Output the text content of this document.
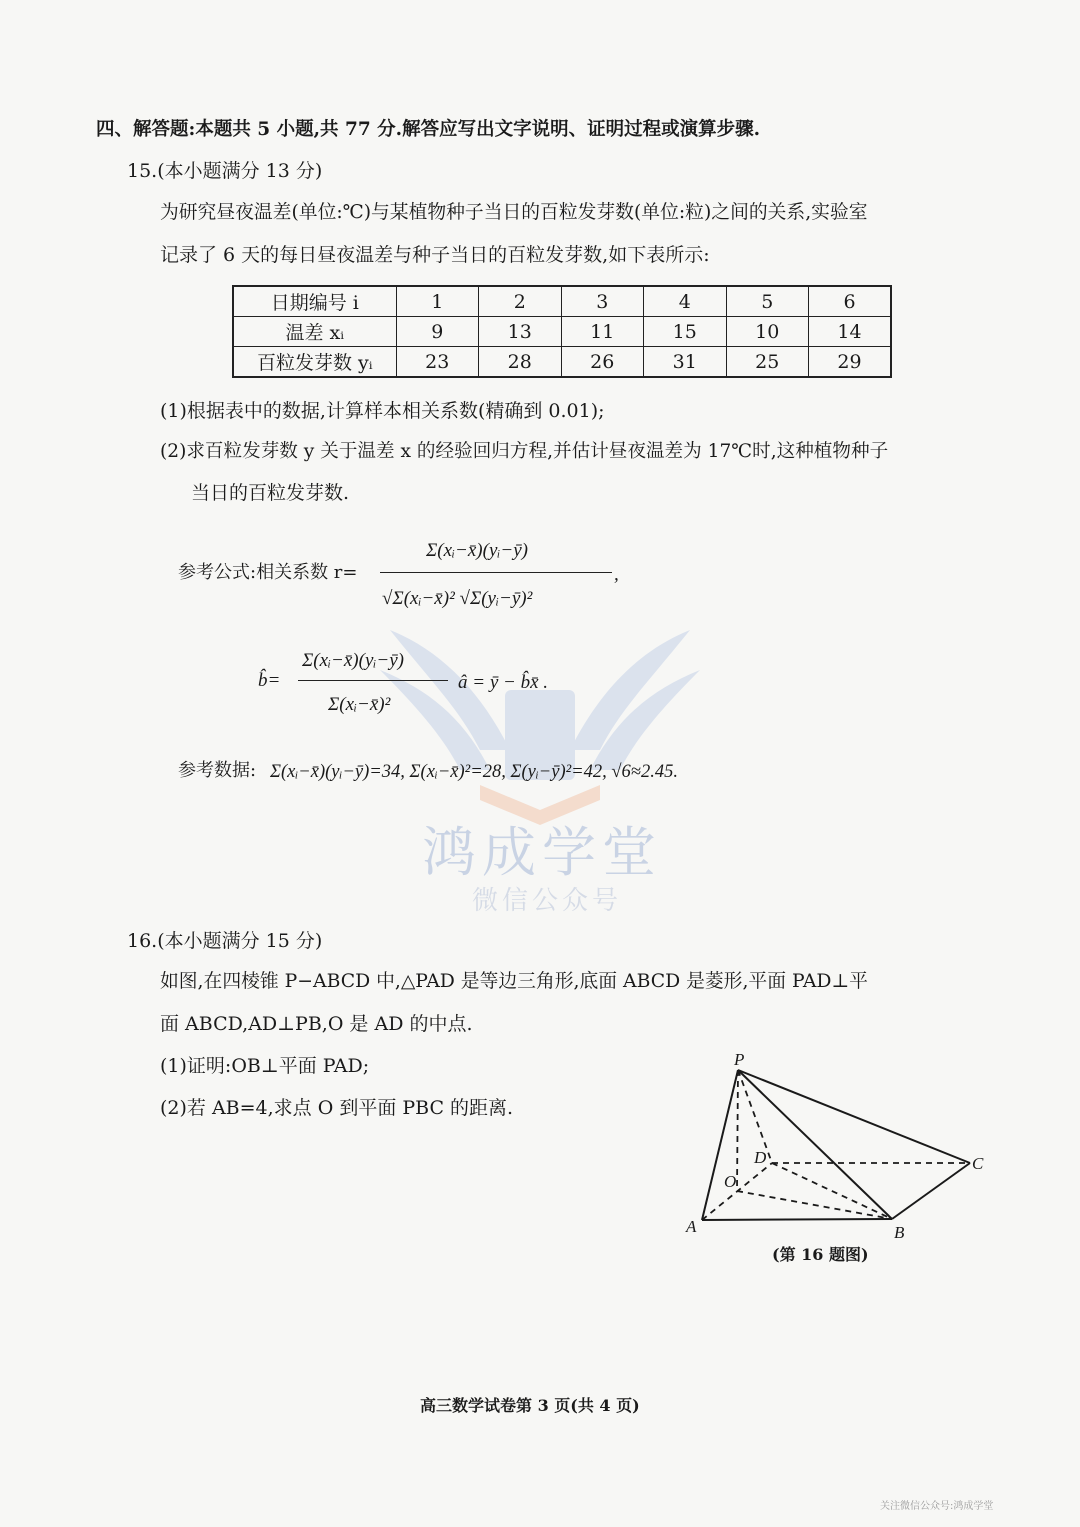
鸿成学堂
微信公众号
四、解答题:本题共 5 小题,共 77 分.解答应写出文字说明、证明过程或演算步骤.
15.(本小题满分 13 分)
为研究昼夜温差(单位:℃)与某植物种子当日的百粒发芽数(单位:粒)之间的关系,实验室
记录了 6 天的每日昼夜温差与种子当日的百粒发芽数,如下表所示:
日期编号 i	1	2	3	4	5	6
温差 xᵢ	9	13	11	15	10	14
百粒发芽数 yᵢ	23	28	26	31	25	29
(1)根据表中的数据,计算样本相关系数(精确到 0.01);
(2)求百粒发芽数 y 关于温差 x 的经验回归方程,并估计昼夜温差为 17℃时,这种植物种子
当日的百粒发芽数.
参考公式:相关系数 r=
Σ(xᵢ−x̄)(yᵢ−ȳ)
√Σ(xᵢ−x̄)² √Σ(yᵢ−ȳ)²
,
b̂=
Σ(xᵢ−x̄)(yᵢ−ȳ)
Σ(xᵢ−x̄)²
â = ȳ − b̂x̄ .
参考数据: Σ(xᵢ−x̄)(yᵢ−ȳ)=34, Σ(xᵢ−x̄)²=28, Σ(yᵢ−ȳ)²=42, √6≈2.45.
16.(本小题满分 15 分)
如图,在四棱锥 P−ABCD 中,△PAD 是等边三角形,底面 ABCD 是菱形,平面 PAD⊥平
面 ABCD,AD⊥PB,O 是 AD 的中点.
(1)证明:OB⊥平面 PAD;
(2)若 AB=4,求点 O 到平面 PBC 的距离.
P
A	B
C
D
O
(第 16 题图)
高三数学试卷第 3 页(共 4 页)
关注微信公众号:鸿成学堂
